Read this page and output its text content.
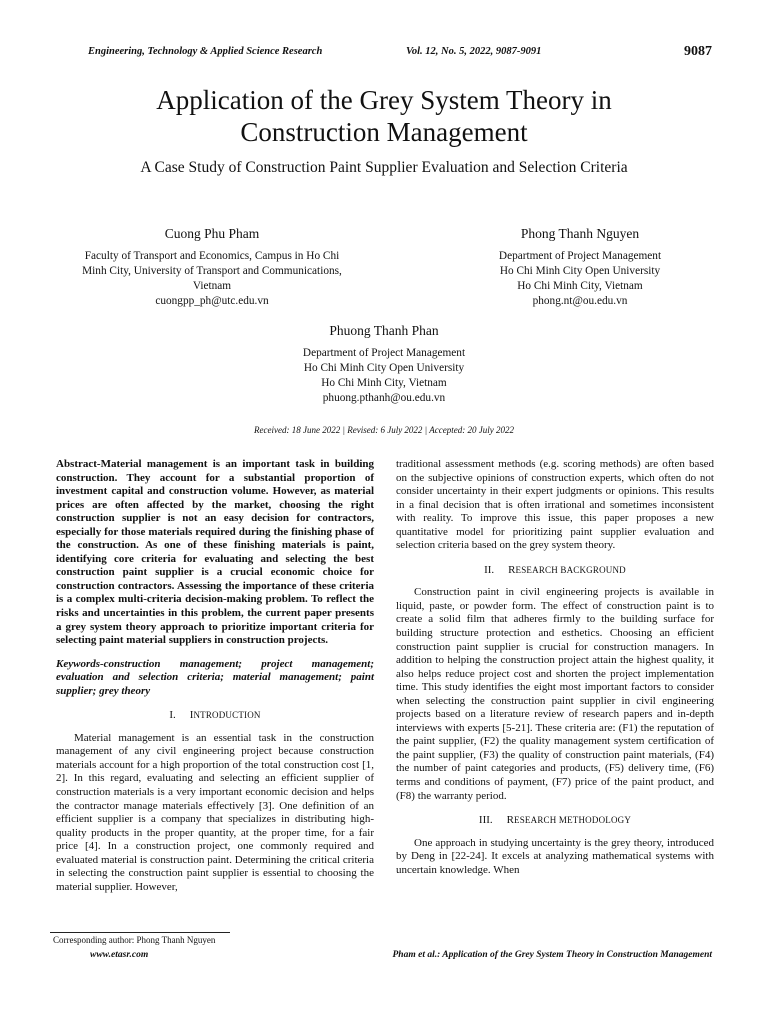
Engineering, Technology & Applied Science Research	Vol. 12, No. 5, 2022, 9087-9091	9087
Application of the Grey System Theory in
Construction Management
A Case Study of Construction Paint Supplier Evaluation and Selection Criteria
Cuong Phu Pham
Faculty of Transport and Economics, Campus in Ho Chi
Minh City, University of Transport and Communications,
Vietnam
cuongpp_ph@utc.edu.vn
Phong Thanh Nguyen
Department of Project Management
Ho Chi Minh City Open University
Ho Chi Minh City, Vietnam
phong.nt@ou.edu.vn
Phuong Thanh Phan
Department of Project Management
Ho Chi Minh City Open University
Ho Chi Minh City, Vietnam
phuong.pthanh@ou.edu.vn
Received: 18 June 2022 | Revised: 6 July 2022 | Accepted: 20 July 2022

Abstract-Material management is an important task in building construction. They account for a substantial proportion of investment capital and construction volume. However, as material prices are often affected by the market, choosing the right construction supplier is not an easy decision for contractors, especially for those materials required during the finishing phase of the construction. As one of these finishing materials is paint, identifying core criteria for evaluating and selecting the best construction paint supplier is a crucial economic choice for construction contractors. Assessing the importance of these criteria is a complex multi-criteria decision-making problem. To reflect the risks and uncertainties in this problem, the current paper presents a grey system theory approach to prioritize important criteria for selecting paint material suppliers in construction projects.

Keywords-construction management; project management; evaluation and selection criteria; material management; paint supplier; grey theory

I. INTRODUCTION

Material management is an essential task in the construction management of any civil engineering project because construction materials account for a high proportion of the total construction cost [1, 2]. In this regard, evaluating and selecting an efficient supplier of construction materials is a very important economic decision and helps the contractor manage materials effectively [3]. One definition of an efficient supplier is a company that specializes in distributing high-quality products in the proper quantity, at the proper time, for a fair price [4]. In a construction project, one commonly required and evaluated material is construction paint. Determining the critical criteria in selecting the construction paint supplier is essential to choosing the material supplier. However,

traditional assessment methods (e.g. scoring methods) are often based on the subjective opinions of construction experts, which often do not consider uncertainty in their expert judgments or opinions. This results in a final decision that is often irrational and sometimes inconsistent with reality. To improve this issue, this paper proposes a new quantitative model for prioritizing paint supplier evaluation and selection criteria based on the grey system theory.

II. RESEARCH BACKGROUND

Construction paint in civil engineering projects is available in liquid, paste, or powder form. The effect of construction paint is to create a solid film that adheres firmly to the building surface for building structure protection and esthetics. Choosing an efficient construction paint supplier is crucial for construction managers. In addition to helping the construction project attain the highest quality, it also helps reduce project cost and shorten the project implementation time. This study identifies the eight most important factors to consider when selecting the construction paint supplier in civil engineering projects based on a literature review of research papers and in-depth interviews with experts [5-21]. These criteria are: (F1) the reputation of the paint supplier, (F2) the quality management system certification of the paint supplier, (F3) the quality of construction paint materials, (F4) the number of paint categories and products, (F5) delivery time, (F6) terms and conditions of payment, (F7) price of the paint product, and (F8) the warranty period.

III. RESEARCH METHODOLOGY

One approach in studying uncertainty is the grey theory, introduced by Deng in [22-24]. It excels at analyzing mathematical systems with uncertain knowledge. When

Corresponding author: Phong Thanh Nguyen
www.etasr.com	Pham et al.: Application of the Grey System Theory in Construction Management
